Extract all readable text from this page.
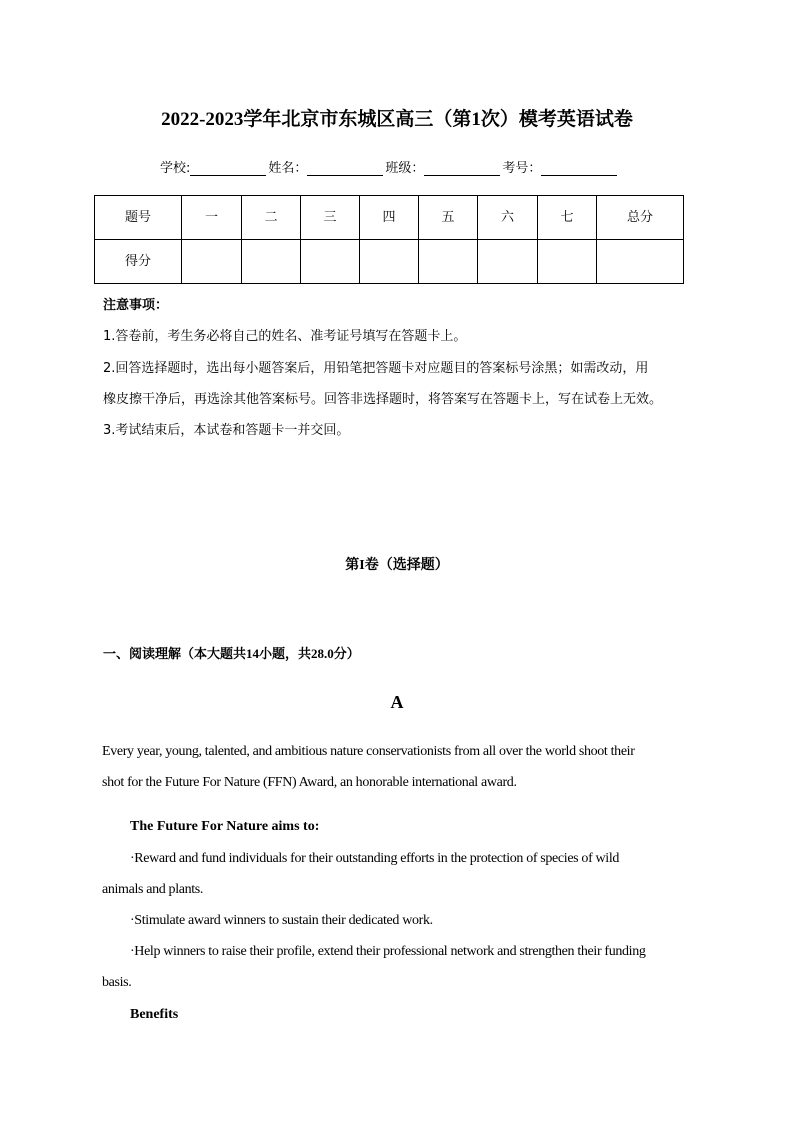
2022-2023学年北京市东城区高三（第1次）模考英语试卷
学校:	姓名：	班级：	考号：
题号	一	二	三	四	五	六	七	总分
得分								
注意事项：
1.答卷前，考生务必将自己的姓名、准考证号填写在答题卡上。
2.回答选择题时，选出每小题答案后，用铅笔把答题卡对应题目的答案标号涂黑；如需改动，用
橡皮擦干净后，再选涂其他答案标号。回答非选择题时，将答案写在答题卡上，写在试卷上无效。
3.考试结束后，本试卷和答题卡一并交回。
第I卷（选择题）
一、阅读理解（本大题共14小题，共28.0分）
A
Every year, young, talented, and ambitious nature conservationists from all over the world shoot their
shot for the Future For Nature (FFN) Award, an honorable international award.
The Future For Nature aims to:
·Reward and fund individuals for their outstanding efforts in the protection of species of wild
animals and plants.
·Stimulate award winners to sustain their dedicated work.
·Help winners to raise their profile, extend their professional network and strengthen their funding
basis.
Benefits
